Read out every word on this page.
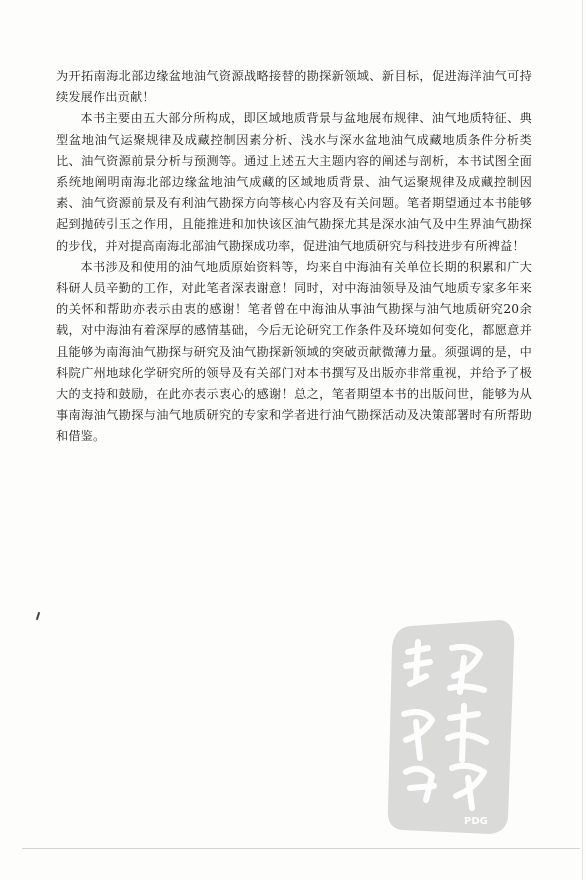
为开拓南海北部边缘盆地油气资源战略接替的勘探新领域、新目标，促进海洋油气可持续发展作出贡献！

本书主要由五大部分所构成，即区域地质背景与盆地展布规律、油气地质特征、典型盆地油气运聚规律及成藏控制因素分析、浅水与深水盆地油气成藏地质条件分析类比、油气资源前景分析与预测等。通过上述五大主题内容的阐述与剖析，本书试图全面系统地阐明南海北部边缘盆地油气成藏的区域地质背景、油气运聚规律及成藏控制因素、油气资源前景及有利油气勘探方向等核心内容及有关问题。笔者期望通过本书能够起到抛砖引玉之作用，且能推进和加快该区油气勘探尤其是深水油气及中生界油气勘探的步伐，并对提高南海北部油气勘探成功率，促进油气地质研究与科技进步有所裨益！

本书涉及和使用的油气地质原始资料等，均来自中海油有关单位长期的积累和广大科研人员辛勤的工作，对此笔者深表谢意！同时，对中海油领导及油气地质专家多年来的关怀和帮助亦表示由衷的感谢！笔者曾在中海油从事油气勘探与油气地质研究20余载，对中海油有着深厚的感情基础，今后无论研究工作条件及环境如何变化，都愿意并且能够为南海油气勘探与研究及油气勘探新领域的突破贡献微薄力量。须强调的是，中科院广州地球化学研究所的领导及有关部门对本书撰写及出版亦非常重视，并给予了极大的支持和鼓励，在此亦表示衷心的感谢！总之，笔者期望本书的出版问世，能够为从事南海油气勘探与油气地质研究的专家和学者进行油气勘探活动及决策部署时有所帮助和借鉴。

PDG
